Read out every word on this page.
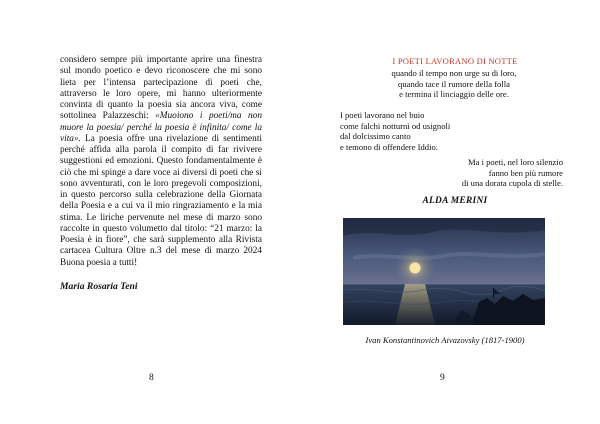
considero sempre più importante aprire una finestra sul mondo poetico e devo riconoscere che mi sono lieta per l’intensa partecipazione di poeti che, attraverso le loro opere, mi hanno ulteriormente convinta di quanto la poesia sia ancora viva, come sottolinea Palazzeschi: «Muoiono i poeti/ma non muore la poesia/ perché la poesia è infinita/ come la vita». La poesia offre una rivelazione di sentimenti perché affida alla parola il compito di far rivivere suggestioni ed emozioni. Questo fondamentalmente è ciò che mi spinge a dare voce ai diversi di poeti che si sono avventurati, con le loro pregevoli composizioni, in questo percorso sulla celebrazione della Giornata della Poesia e a cui va il mio ringraziamento e la mia stima. Le liriche pervenute nel mese di marzo sono raccolte in questo volumetto dal titolo: “21 marzo: la Poesia è in fiore”, che sarà supplemento alla Rivista cartacea Cultura Oltre n.3 del mese di marzo 2024 Buona poesia a tutti!
Maria Rosaria Teni
8
I POETI LAVORANO DI NOTTE
quando il tempo non urge su di loro,
quando tace il rumore della folla
e termina il linciaggio delle ore.
I poeti lavorano nel buio
come falchi notturni od usignoli
dal dolcissimo canto
e temono di offendere Iddio.
Ma i poeti, nel loro silenzio
fanno ben più rumore
di una dorata cupola di stelle.
ALDA MERINI
Ivan Konstantinovich Aivazovsky (1817-1900)
9
